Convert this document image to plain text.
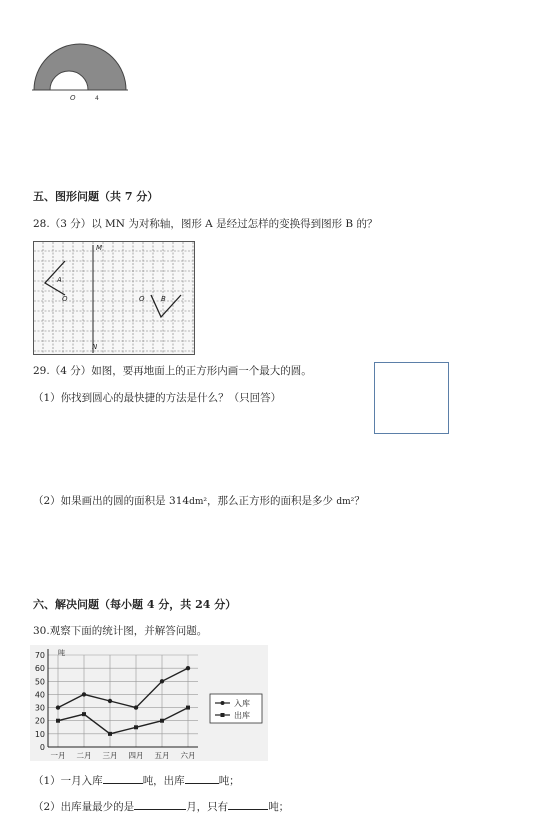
O	4
五、图形问题（共 7 分）
28.（3 分）以 MN 为对称轴，图形 A 是经过怎样的变换得到图形 B 的？
M
N
A
O	O B
29.（4 分）如图，要再地面上的正方形内画一个最大的圆。
（1）你找到圆心的最快捷的方法是什么？（只回答）
（2）如果画出的圆的面积是 314dm²，那么正方形的面积是多少 dm²？
六、解决问题（每小题 4 分，共 24 分）
30.观察下面的统计图，并解答问题。
0
10
20
30
40
50
60
70
一月 二月 三月 四月 五月 六月
吨
入库
出库
（1）一月入库	吨，出库	吨；
（2）出库量最少的是	月，只有	吨；
